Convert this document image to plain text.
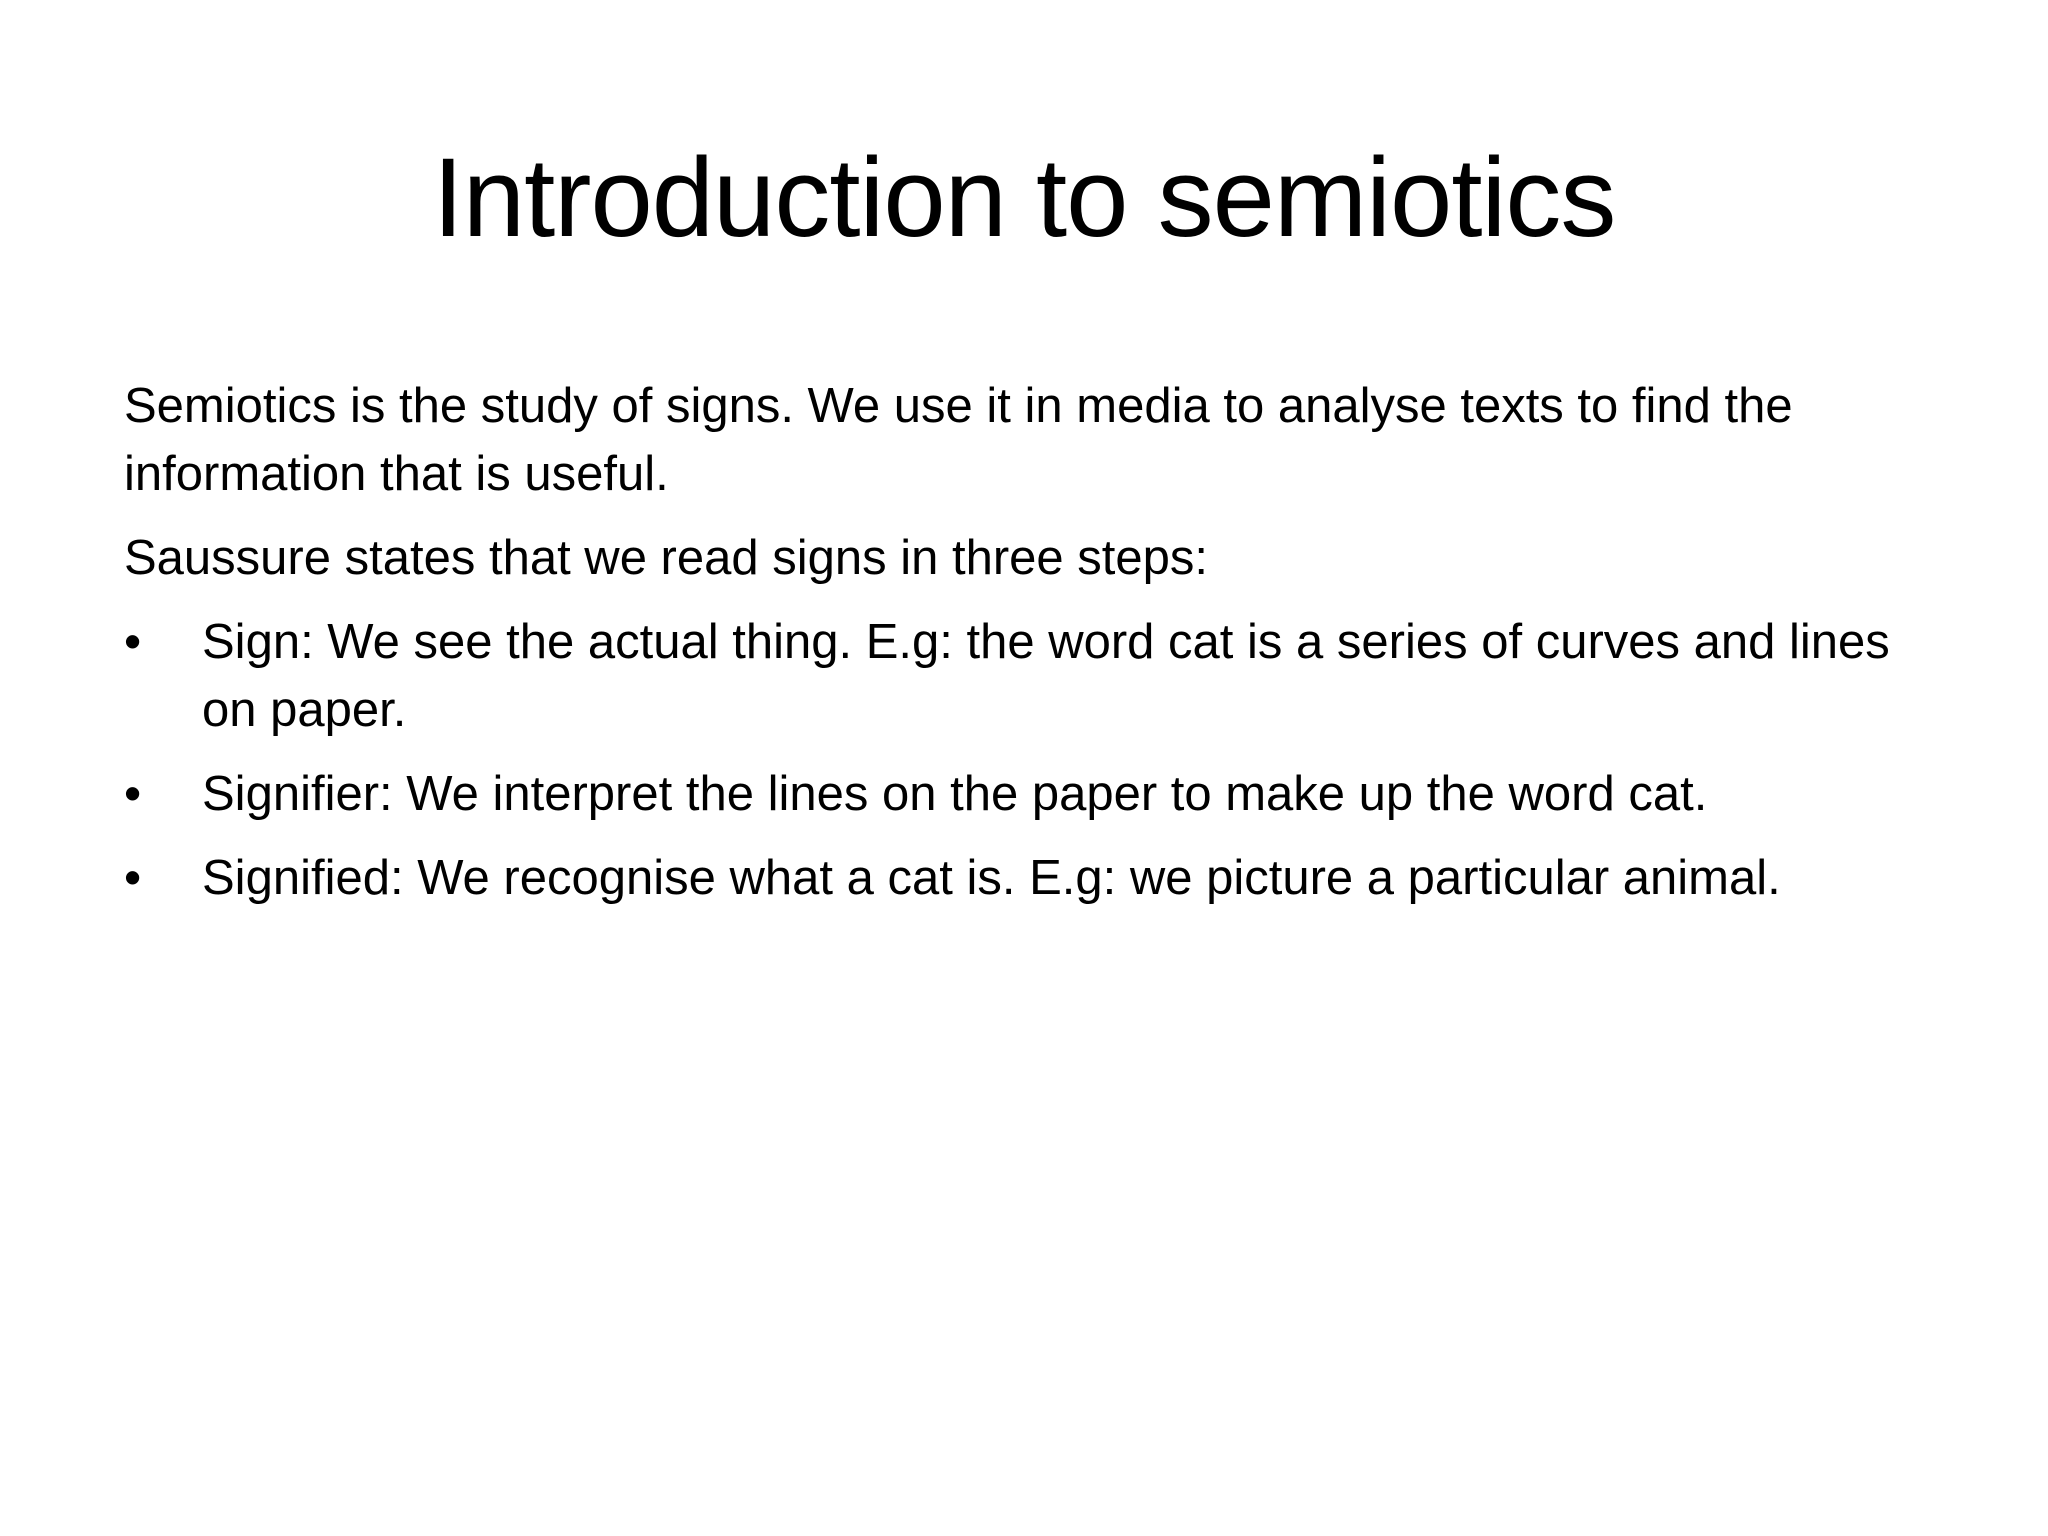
Introduction to semiotics

Semiotics is the study of signs. We use it in media to analyse texts to find the information that is useful.

Saussure states that we read signs in three steps:

•	Sign: We see the actual thing. E.g: the word cat is a series of curves and lines on paper.
•	Signifier: We interpret the lines on the paper to make up the word cat.
•	Signified: We recognise what a cat is. E.g: we picture a particular animal.
